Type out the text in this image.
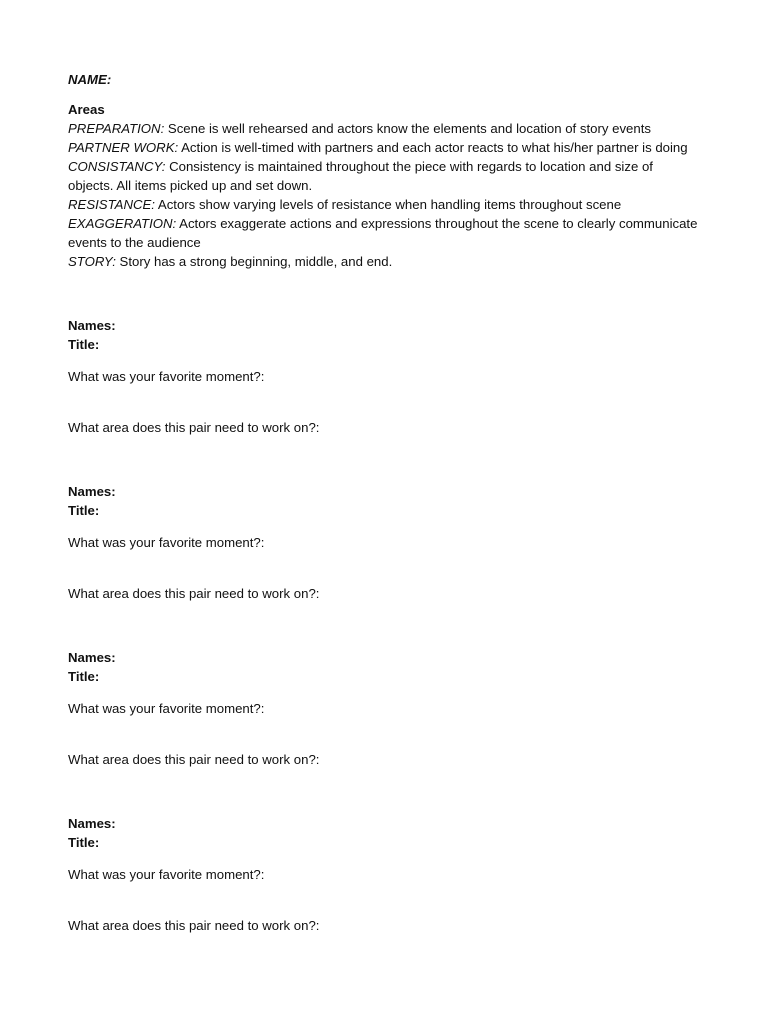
NAME:

Areas

PREPARATION: Scene is well rehearsed and actors know the elements and location of story events

PARTNER WORK: Action is well-timed with partners and each actor reacts to what his/her partner is doing

CONSISTANCY: Consistency is maintained throughout the piece with regards to location and size of objects. All items picked up and set down.

RESISTANCE: Actors show varying levels of resistance when handling items throughout scene

EXAGGERATION: Actors exaggerate actions and expressions throughout the scene to clearly communicate events to the audience

STORY: Story has a strong beginning, middle, and end.

Names:

Title:

What was your favorite moment?:

What area does this pair need to work on?:

Names:

Title:

What was your favorite moment?:

What area does this pair need to work on?:

Names:

Title:

What was your favorite moment?:

What area does this pair need to work on?:

Names:

Title:

What was your favorite moment?:

What area does this pair need to work on?:
